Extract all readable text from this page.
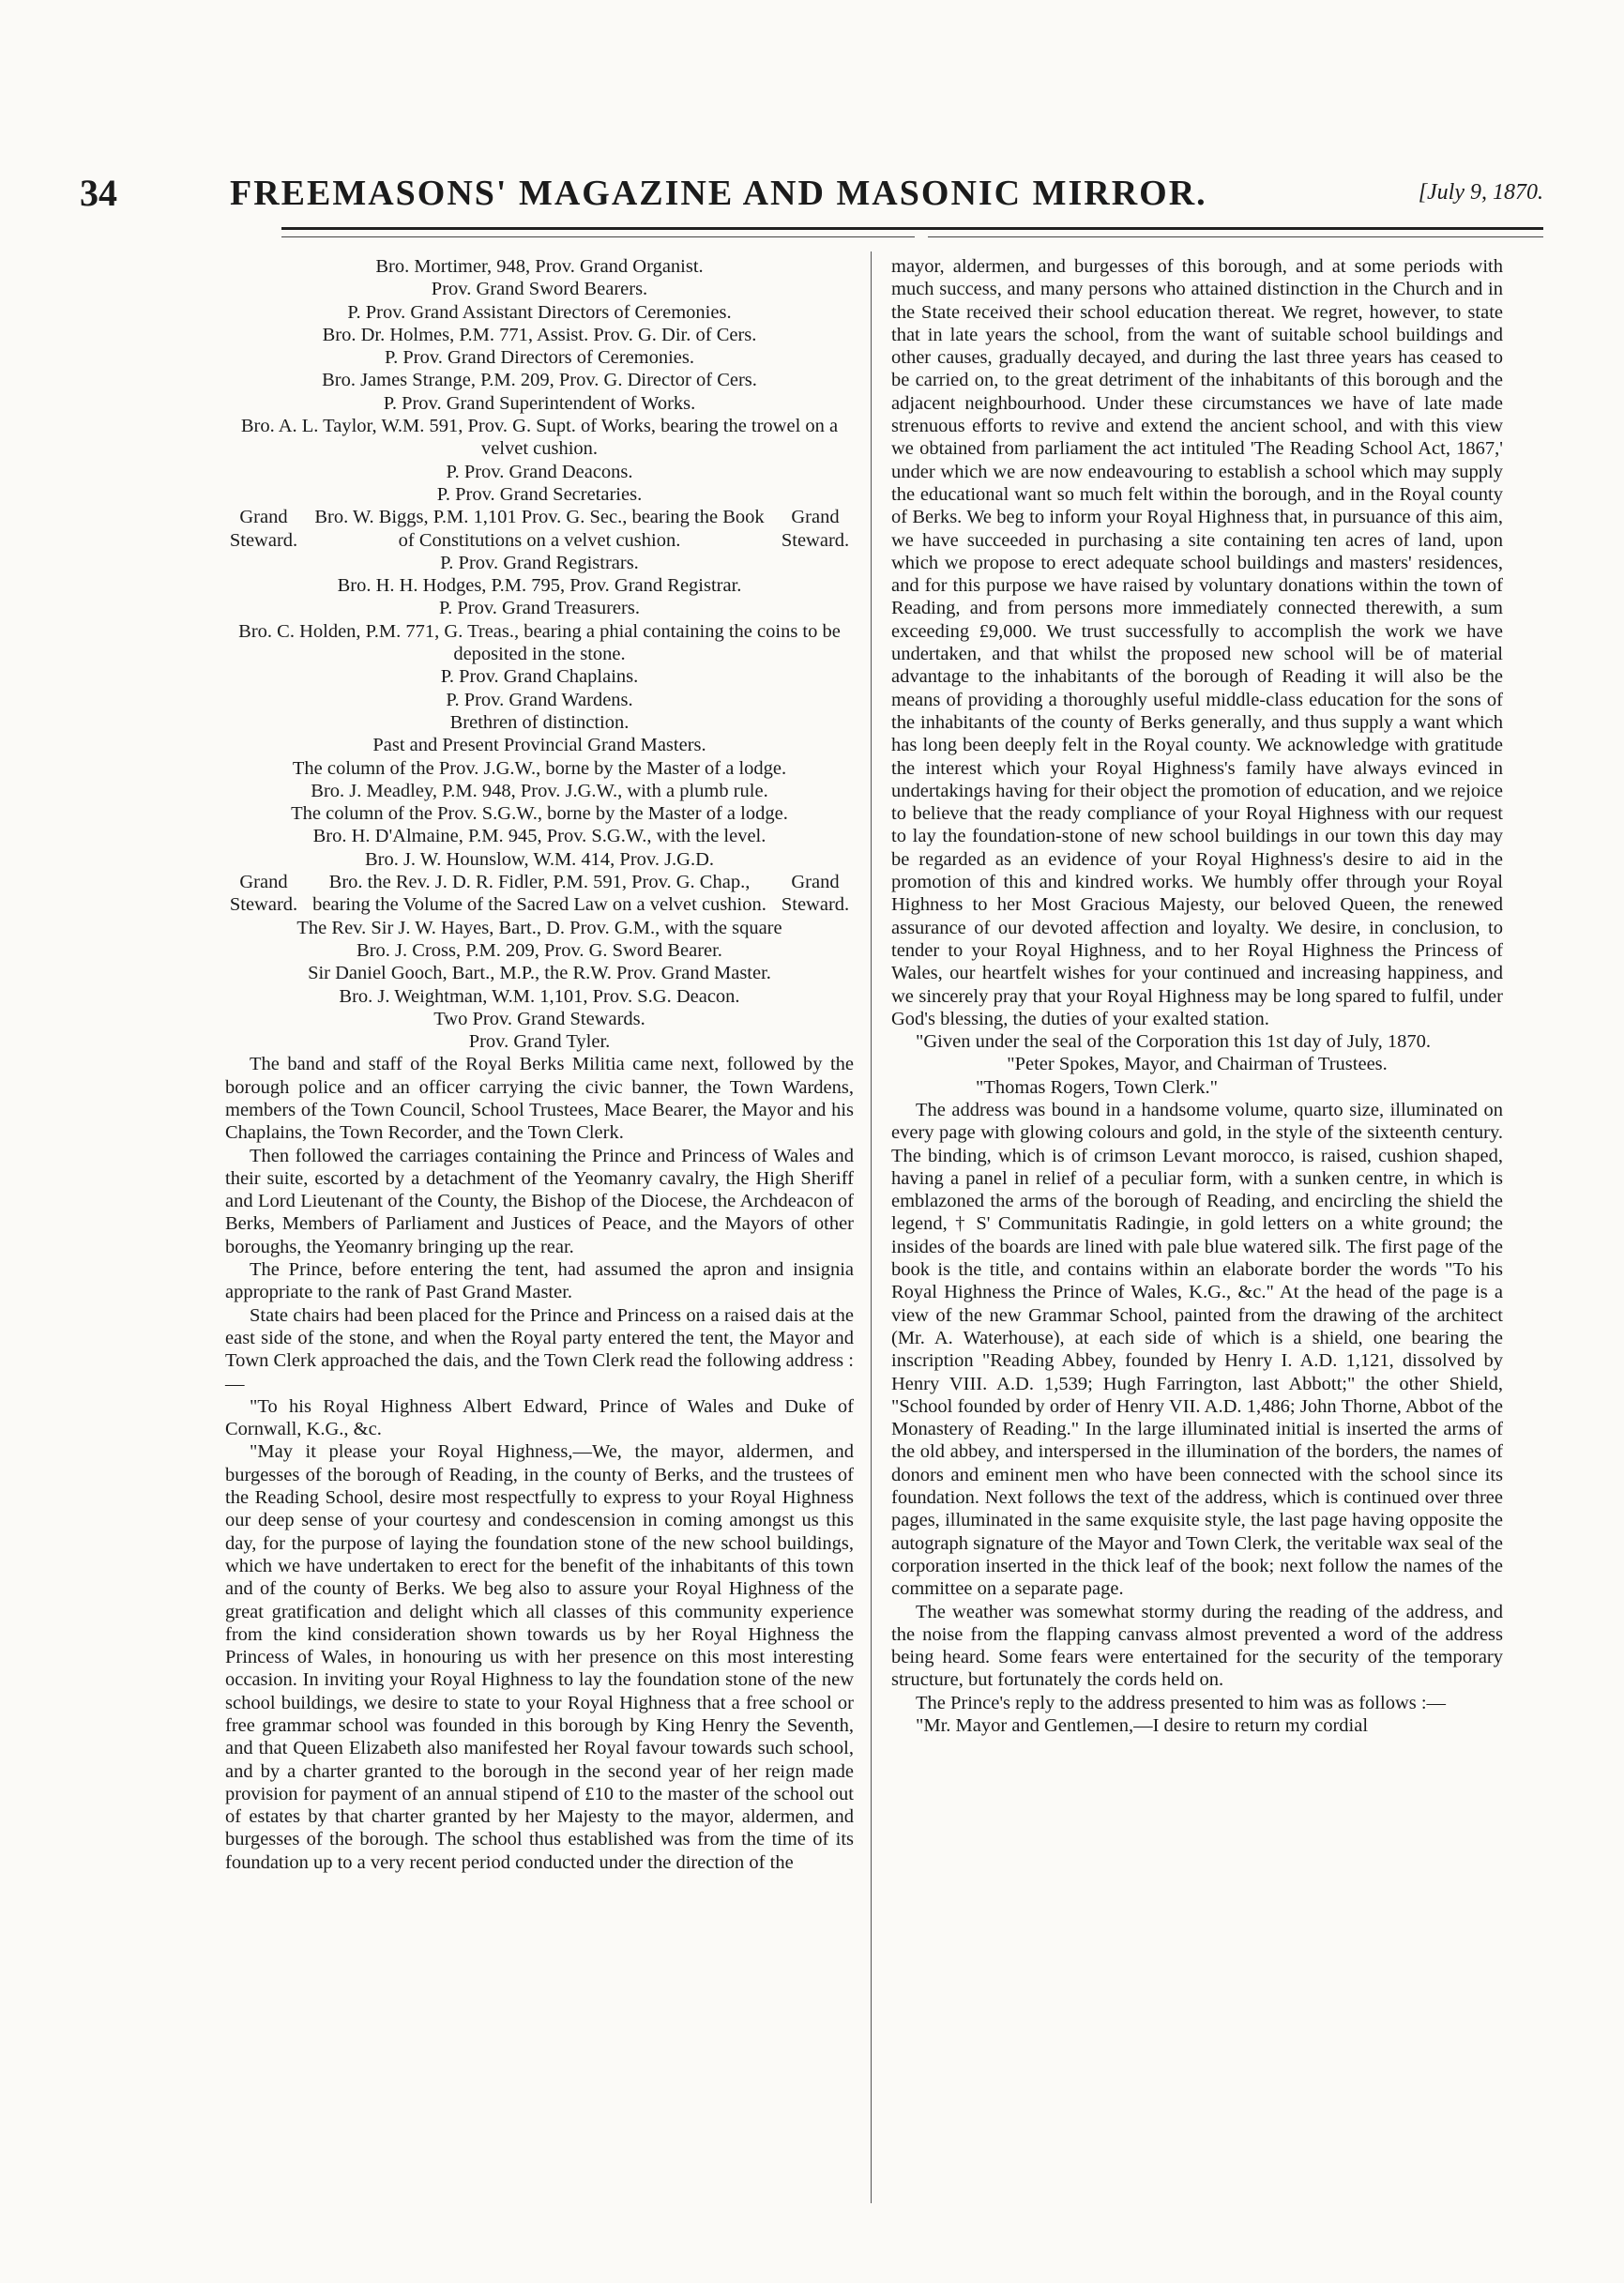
34	FREEMASONS' MAGAZINE AND MASONIC MIRROR.	[July 9, 1870.
Bro. Mortimer, 948, Prov. Grand Organist.
Prov. Grand Sword Bearers.
P. Prov. Grand Assistant Directors of Ceremonies.
Bro. Dr. Holmes, P.M. 771, Assist. Prov. G. Dir. of Cers.
P. Prov. Grand Directors of Ceremonies.
Bro. James Strange, P.M. 209, Prov. G. Director of Cers.
P. Prov. Grand Superintendent of Works.
Bro. A. L. Taylor, W.M. 591, Prov. G. Supt. of Works, bearing the trowel on a velvet cushion.
P. Prov. Grand Deacons.
P. Prov. Grand Secretaries.
Grand Steward.
Bro. W. Biggs, P.M. 1,101 Prov. G. Sec., bearing the Book of Constitutions on a velvet cushion.
Grand Steward.
P. Prov. Grand Registrars.
Bro. H. H. Hodges, P.M. 795, Prov. Grand Registrar.
P. Prov. Grand Treasurers.
Bro. C. Holden, P.M. 771, G. Treas., bearing a phial containing the coins to be deposited in the stone.
P. Prov. Grand Chaplains.
P. Prov. Grand Wardens.
Brethren of distinction.
Past and Present Provincial Grand Masters.
The column of the Prov. J.G.W., borne by the Master of a lodge.
Bro. J. Meadley, P.M. 948, Prov. J.G.W., with a plumb rule.
The column of the Prov. S.G.W., borne by the Master of a lodge.
Bro. H. D'Almaine, P.M. 945, Prov. S.G.W., with the level.
Bro. J. W. Hounslow, W.M. 414, Prov. J.G.D.
Grand Steward.
Bro. the Rev. J. D. R. Fidler, P.M. 591, Prov. G. Chap., bearing the Volume of the Sacred Law on a velvet cushion.
Grand Steward.
The Rev. Sir J. W. Hayes, Bart., D. Prov. G.M., with the square
Bro. J. Cross, P.M. 209, Prov. G. Sword Bearer.
Sir Daniel Gooch, Bart., M.P., the R.W. Prov. Grand Master.
Bro. J. Weightman, W.M. 1,101, Prov. S.G. Deacon.
Two Prov. Grand Stewards.
Prov. Grand Tyler.

The band and staff of the Royal Berks Militia came next, followed by the borough police and an officer carrying the civic banner, the Town Wardens, members of the Town Council, School Trustees, Mace Bearer, the Mayor and his Chaplains, the Town Recorder, and the Town Clerk.

Then followed the carriages containing the Prince and Princess of Wales and their suite, escorted by a detachment of the Yeomanry cavalry, the High Sheriff and Lord Lieutenant of the County, the Bishop of the Diocese, the Archdeacon of Berks, Members of Parliament and Justices of Peace, and the Mayors of other boroughs, the Yeomanry bringing up the rear.

The Prince, before entering the tent, had assumed the apron and insignia appropriate to the rank of Past Grand Master.

State chairs had been placed for the Prince and Princess on a raised dais at the east side of the stone, and when the Royal party entered the tent, the Mayor and Town Clerk approached the dais, and the Town Clerk read the following address :—

"To his Royal Highness Albert Edward, Prince of Wales and Duke of Cornwall, K.G., &c.

"May it please your Royal Highness,—We, the mayor, aldermen, and burgesses of the borough of Reading, in the county of Berks, and the trustees of the Reading School, desire most respectfully to express to your Royal Highness our deep sense of your courtesy and condescension in coming amongst us this day, for the purpose of laying the foundation stone of the new school buildings, which we have undertaken to erect for the benefit of the inhabitants of this town and of the county of Berks. We beg also to assure your Royal Highness of the great gratification and delight which all classes of this community experience from the kind consideration shown towards us by her Royal Highness the Princess of Wales, in honouring us with her presence on this most interesting occasion. In inviting your Royal Highness to lay the foundation stone of the new school buildings, we desire to state to your Royal Highness that a free school or free grammar school was founded in this borough by King Henry the Seventh, and that Queen Elizabeth also manifested her Royal favour towards such school, and by a charter granted to the borough in the second year of her reign made provision for payment of an annual stipend of £10 to the master of the school out of estates by that charter granted by her Majesty to the mayor, aldermen, and burgesses of the borough. The school thus established was from the time of its foundation up to a very recent period conducted under the direction of the

mayor, aldermen, and burgesses of this borough, and at some periods with much success, and many persons who attained distinction in the Church and in the State received their school education thereat. We regret, however, to state that in late years the school, from the want of suitable school buildings and other causes, gradually decayed, and during the last three years has ceased to be carried on, to the great detriment of the inhabitants of this borough and the adjacent neighbourhood. Under these circumstances we have of late made strenuous efforts to revive and extend the ancient school, and with this view we obtained from parliament the act intituled 'The Reading School Act, 1867,' under which we are now endeavouring to establish a school which may supply the educational want so much felt within the borough, and in the Royal county of Berks. We beg to inform your Royal Highness that, in pursuance of this aim, we have succeeded in purchasing a site containing ten acres of land, upon which we propose to erect adequate school buildings and masters' residences, and for this purpose we have raised by voluntary donations within the town of Reading, and from persons more immediately connected therewith, a sum exceeding £9,000. We trust successfully to accomplish the work we have undertaken, and that whilst the proposed new school will be of material advantage to the inhabitants of the borough of Reading it will also be the means of providing a thoroughly useful middle-class education for the sons of the inhabitants of the county of Berks generally, and thus supply a want which has long been deeply felt in the Royal county. We acknowledge with gratitude the interest which your Royal Highness's family have always evinced in undertakings having for their object the promotion of education, and we rejoice to believe that the ready compliance of your Royal Highness with our request to lay the foundation-stone of new school buildings in our town this day may be regarded as an evidence of your Royal Highness's desire to aid in the promotion of this and kindred works. We humbly offer through your Royal Highness to her Most Gracious Majesty, our beloved Queen, the renewed assurance of our devoted affection and loyalty. We desire, in conclusion, to tender to your Royal Highness, and to her Royal Highness the Princess of Wales, our heartfelt wishes for your continued and increasing happiness, and we sincerely pray that your Royal Highness may be long spared to fulfil, under God's blessing, the duties of your exalted station.

"Given under the seal of the Corporation this 1st day of July, 1870.

"Peter Spokes, Mayor, and Chairman of Trustees.
"Thomas Rogers, Town Clerk."

The address was bound in a handsome volume, quarto size, illuminated on every page with glowing colours and gold, in the style of the sixteenth century. The binding, which is of crimson Levant morocco, is raised, cushion shaped, having a panel in relief of a peculiar form, with a sunken centre, in which is emblazoned the arms of the borough of Reading, and encircling the shield the legend, † S' Communitatis Radingie, in gold letters on a white ground; the insides of the boards are lined with pale blue watered silk. The first page of the book is the title, and contains within an elaborate border the words "To his Royal Highness the Prince of Wales, K.G., &c." At the head of the page is a view of the new Grammar School, painted from the drawing of the architect (Mr. A. Waterhouse), at each side of which is a shield, one bearing the inscription "Reading Abbey, founded by Henry I. A.D. 1,121, dissolved by Henry VIII. A.D. 1,539; Hugh Farrington, last Abbott;" the other Shield, "School founded by order of Henry VII. A.D. 1,486; John Thorne, Abbot of the Monastery of Reading." In the large illuminated initial is inserted the arms of the old abbey, and interspersed in the illumination of the borders, the names of donors and eminent men who have been connected with the school since its foundation. Next follows the text of the address, which is continued over three pages, illuminated in the same exquisite style, the last page having opposite the autograph signature of the Mayor and Town Clerk, the veritable wax seal of the corporation inserted in the thick leaf of the book; next follow the names of the committee on a separate page.

The weather was somewhat stormy during the reading of the address, and the noise from the flapping canvass almost prevented a word of the address being heard. Some fears were entertained for the security of the temporary structure, but fortunately the cords held on.

The Prince's reply to the address presented to him was as follows :—

"Mr. Mayor and Gentlemen,—I desire to return my cordial
